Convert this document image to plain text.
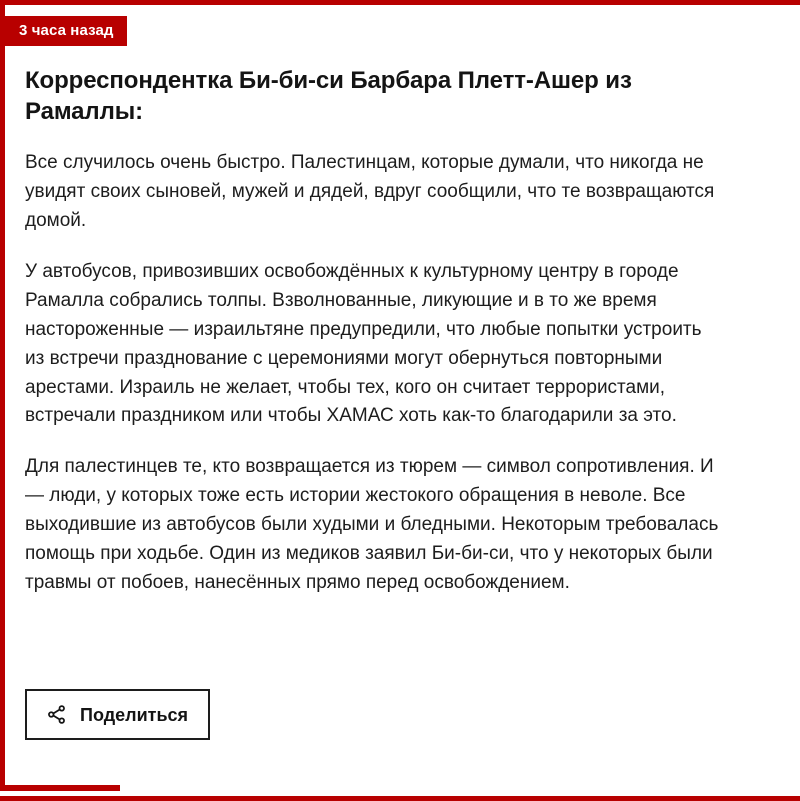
3 часа назад
Корреспондентка Би-би-си Барбара Плетт-Ашер из Рамаллы:

Все случилось очень быстро. Палестинцам, которые думали, что никогда не увидят своих сыновей, мужей и дядей, вдруг сообщили, что те возвращаются домой.

У автобусов, привозивших освобождённых к культурному центру в городе Рамалла собрались толпы. Взволнованные, ликующие и в то же время настороженные — израильтяне предупредили, что любые попытки устроить из встречи празднование с церемониями могут обернуться повторными арестами. Израиль не желает, чтобы тех, кого он считает террористами, встречали праздником или чтобы ХАМАС хоть как-то благодарили за это.

Для палестинцев те, кто возвращается из тюрем — символ сопротивления. И — люди, у которых тоже есть истории жестокого обращения в неволе. Все выходившие из автобусов были худыми и бледными. Некоторым требовалась помощь при ходьбе. Один из медиков заявил Би-би-си, что у некоторых были травмы от побоев, нанесённых прямо перед освобождением.

Поделиться
